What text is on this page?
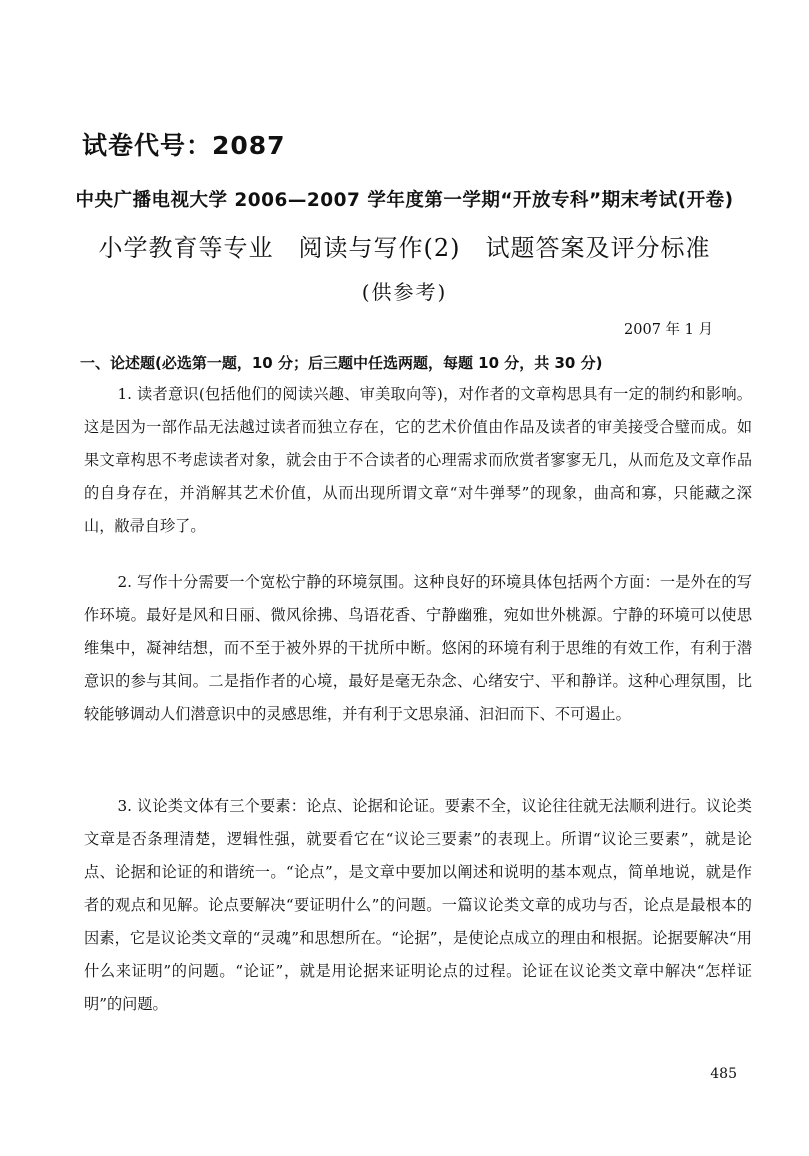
试卷代号：2087
中央广播电视大学 2006—2007 学年度第一学期“开放专科”期末考试(开卷)
小学教育等专业　阅读与写作(2)　试题答案及评分标准
(供参考)
2007 年 1 月
一、论述题(必选第一题，10 分；后三题中任选两题，每题 10 分，共 30 分)

1. 读者意识(包括他们的阅读兴趣、审美取向等)，对作者的文章构思具有一定的制约和影响。这是因为一部作品无法越过读者而独立存在，它的艺术价值由作品及读者的审美接受合璧而成。如果文章构思不考虑读者对象，就会由于不合读者的心理需求而欣赏者寥寥无几，从而危及文章作品的自身存在，并消解其艺术价值，从而出现所谓文章“对牛弹琴”的现象，曲高和寡，只能藏之深山，敝帚自珍了。

2. 写作十分需要一个宽松宁静的环境氛围。这种良好的环境具体包括两个方面：一是外在的写作环境。最好是风和日丽、微风徐拂、鸟语花香、宁静幽雅，宛如世外桃源。宁静的环境可以使思维集中，凝神结想，而不至于被外界的干扰所中断。悠闲的环境有利于思维的有效工作，有利于潜意识的参与其间。二是指作者的心境，最好是毫无杂念、心绪安宁、平和静详。这种心理氛围，比较能够调动人们潜意识中的灵感思维，并有利于文思泉涌、汩汩而下、不可遏止。

3. 议论类文体有三个要素：论点、论据和论证。要素不全，议论往往就无法顺利进行。议论类文章是否条理清楚，逻辑性强，就要看它在“议论三要素”的表现上。所谓“议论三要素”，就是论点、论据和论证的和谐统一。“论点”，是文章中要加以阐述和说明的基本观点，简单地说，就是作者的观点和见解。论点要解决“要证明什么”的问题。一篇议论类文章的成功与否，论点是最根本的因素，它是议论类文章的“灵魂”和思想所在。“论据”，是使论点成立的理由和根据。论据要解决“用什么来证明”的问题。“论证”，就是用论据来证明论点的过程。论证在议论类文章中解决“怎样证明”的问题。

485
